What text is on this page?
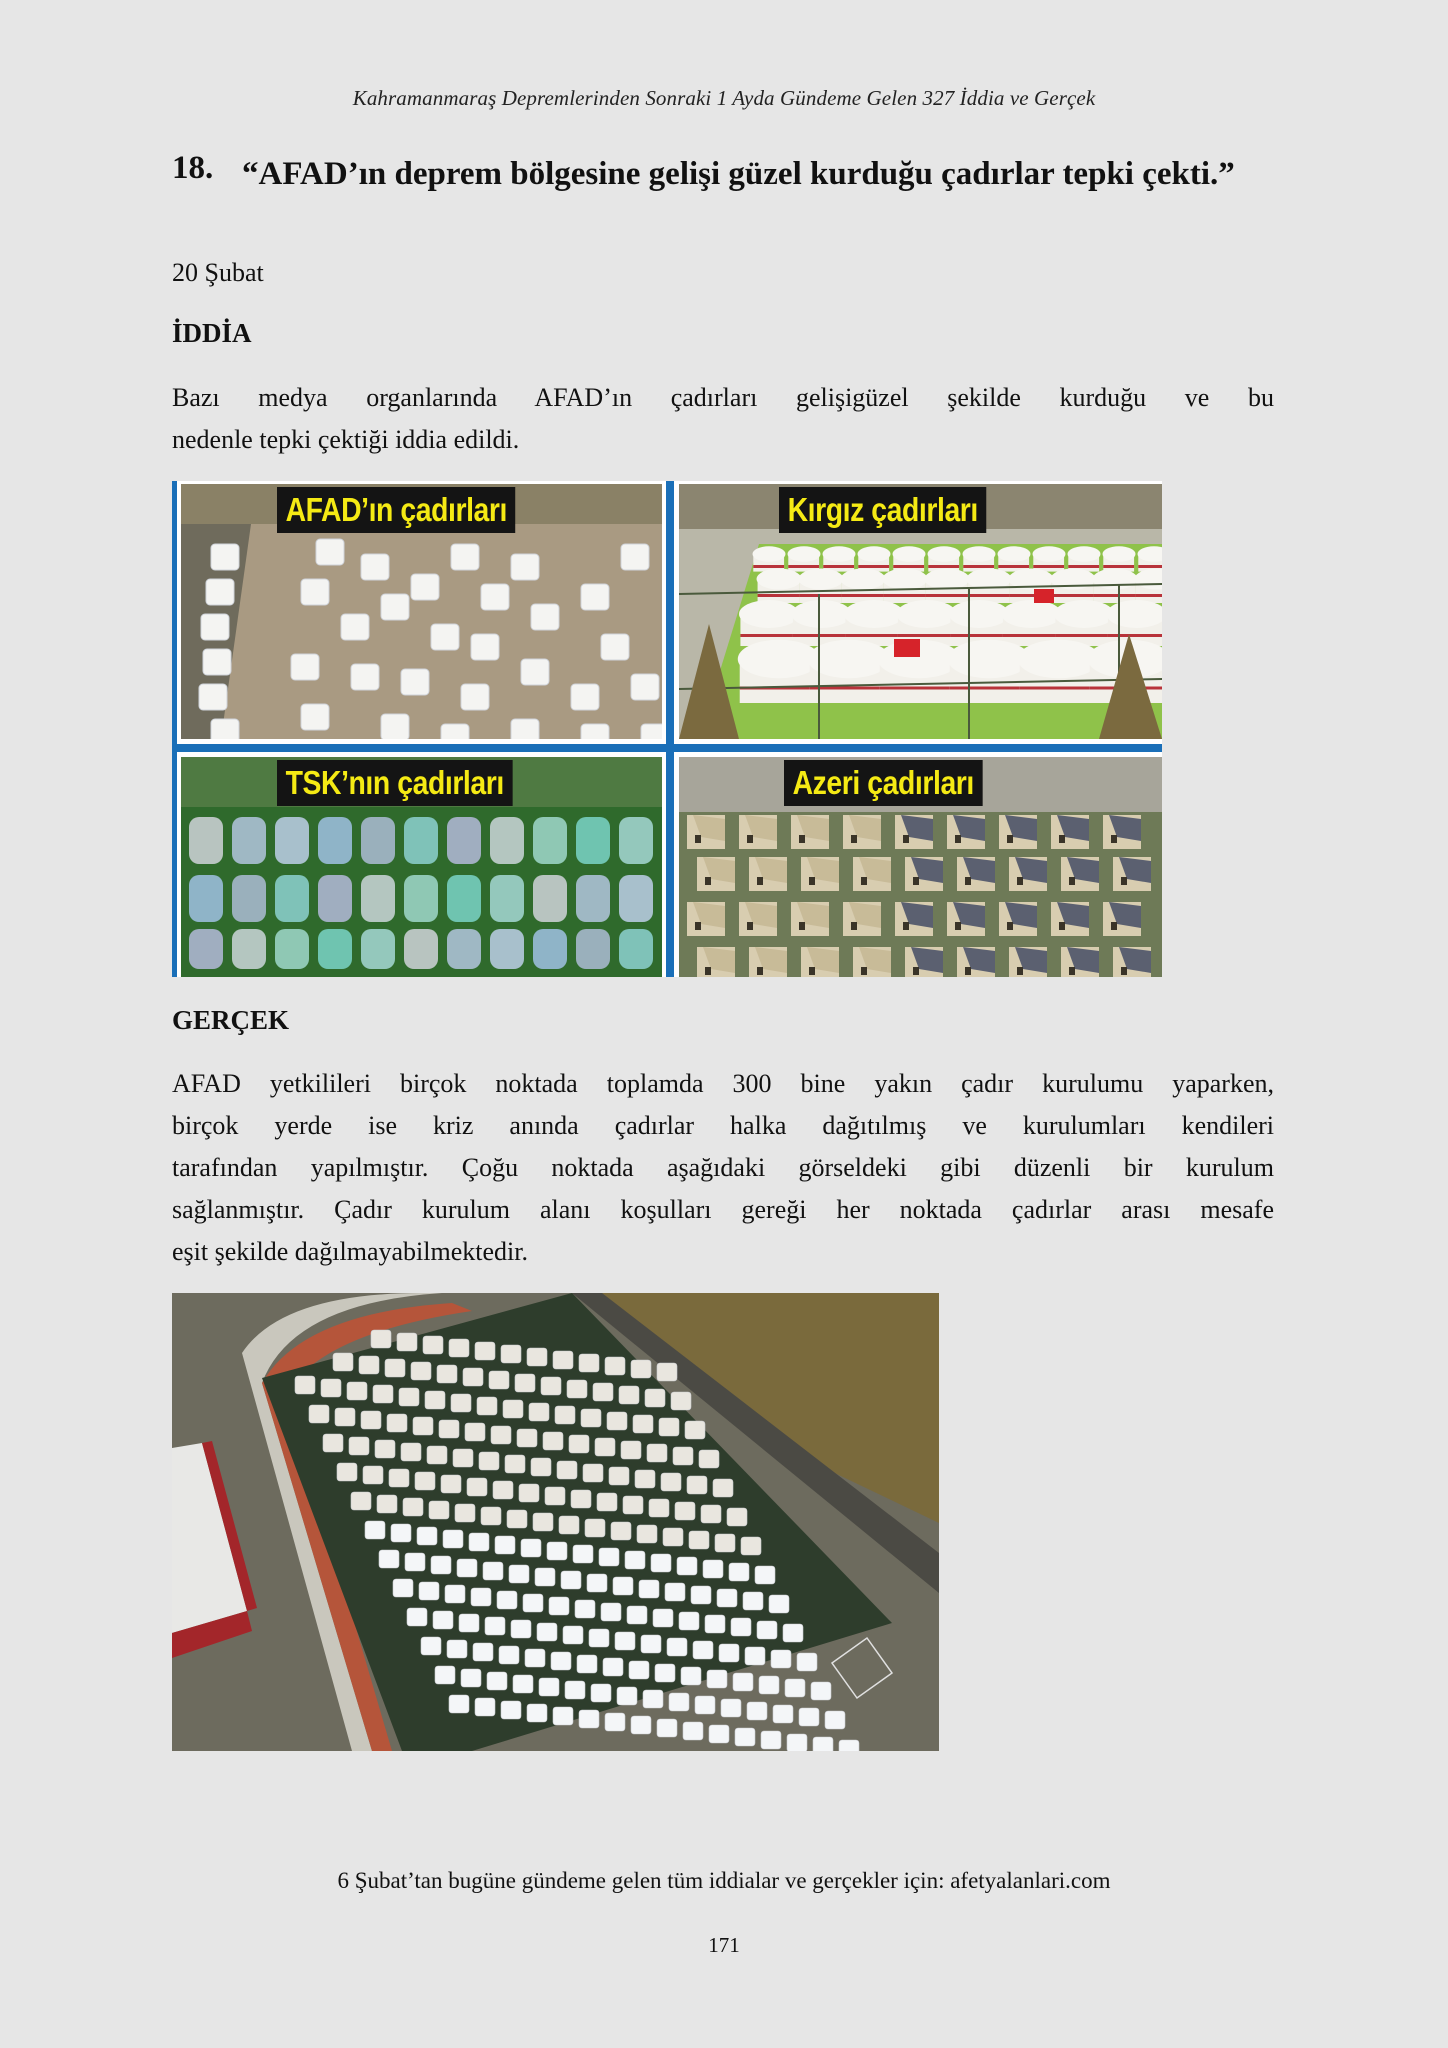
Kahramanmaraş Depremlerinden Sonraki 1 Ayda Gündeme Gelen 327 İddia ve Gerçek
18. “AFAD’ın deprem bölgesine gelişi güzel kurduğu çadırlar tepki çekti.”
20 Şubat
İDDİA
Bazı medya organlarında AFAD’ın çadırları gelişigüzel şekilde kurduğu ve bu
nedenle tepki çektiği iddia edildi.
AFAD’ın çadırları	Kırgız çadırları
TSK’nın çadırları	Azeri çadırları
GERÇEK
AFAD yetkilileri birçok noktada toplamda 300 bine yakın çadır kurulumu yaparken,
birçok yerde ise kriz anında çadırlar halka dağıtılmış ve kurulumları kendileri
tarafından yapılmıştır. Çoğu noktada aşağıdaki görseldeki gibi düzenli bir kurulum
sağlanmıştır. Çadır kurulum alanı koşulları gereği her noktada çadırlar arası mesafe
eşit şekilde dağılmayabilmektedir.
6 Şubat’tan bugüne gündeme gelen tüm iddialar ve gerçekler için: afetyalanlari.com
171
